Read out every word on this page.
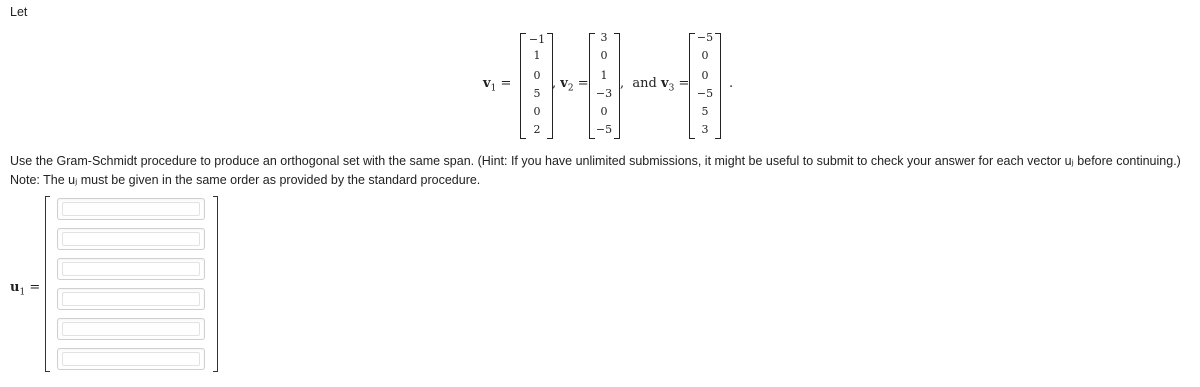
Let
$v_1$ =
−1
1
0
5
0
2
, $v_2$ =
3
0
1
−3
0
−5
, and $v_3$ =
−5
0
0
−5
5
3
.
Use the Gram-Schmidt procedure to produce an orthogonal set with the same span. (Hint: If you have unlimited submissions, it might be useful to submit to check your answer for each vector uⱼ before continuing.) Note: The uⱼ must be given in the same order as provided by the standard procedure.
$u_1$ =
